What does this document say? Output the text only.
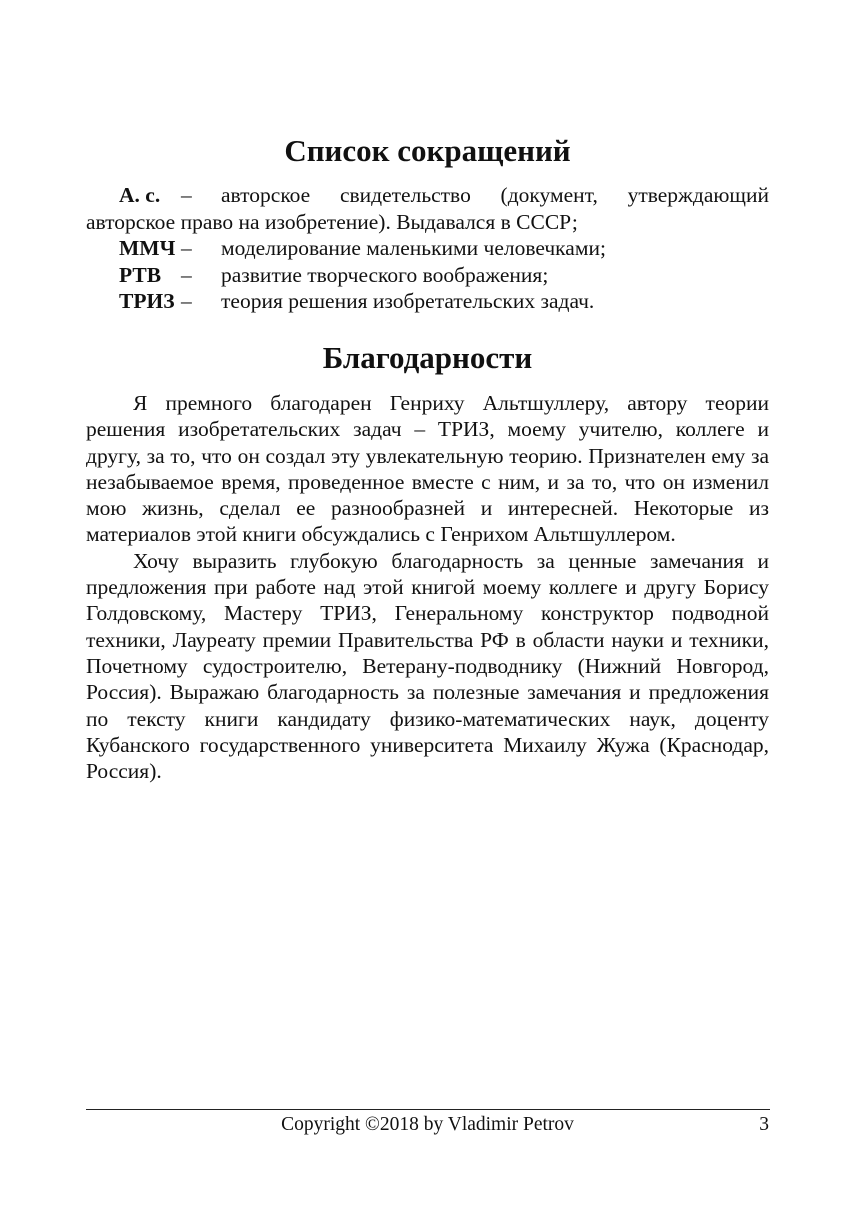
Список сокращений
А. с. – авторское свидетельство (документ, утверждающий
авторское право на изобретение). Выдавался в СССР;
ММЧ – моделирование маленькими человечками;
РТВ – развитие творческого воображения;
ТРИЗ – теория решения изобретательских задач.
Благодарности

Я премного благодарен Генриху Альтшуллеру, автору теории решения изобретательских задач – ТРИЗ, моему учителю, коллеге и другу, за то, что он создал эту увлекательную теорию. Признателен ему за незабываемое время, проведенное вместе с ним, и за то, что он изменил мою жизнь, сделал ее разнообразней и интересней. Некоторые из материалов этой книги обсуждались с Генрихом Альтшуллером.

Хочу выразить глубокую благодарность за ценные замечания и предложения при работе над этой книгой моему коллеге и другу Борису Голдовскому, Мастеру ТРИЗ, Генеральному конструктор подводной техники, Лауреату премии Правительства РФ в области науки и техники, Почетному судостроителю, Ветерану-подводнику (Нижний Новгород, Россия). Выражаю благодарность за полезные замечания и предложения по тексту книги кандидату физико-математических наук, доценту Кубанского государственного университета Михаилу Жужа (Краснодар, Россия).

Copyright ©2018 by Vladimir Petrov	3
